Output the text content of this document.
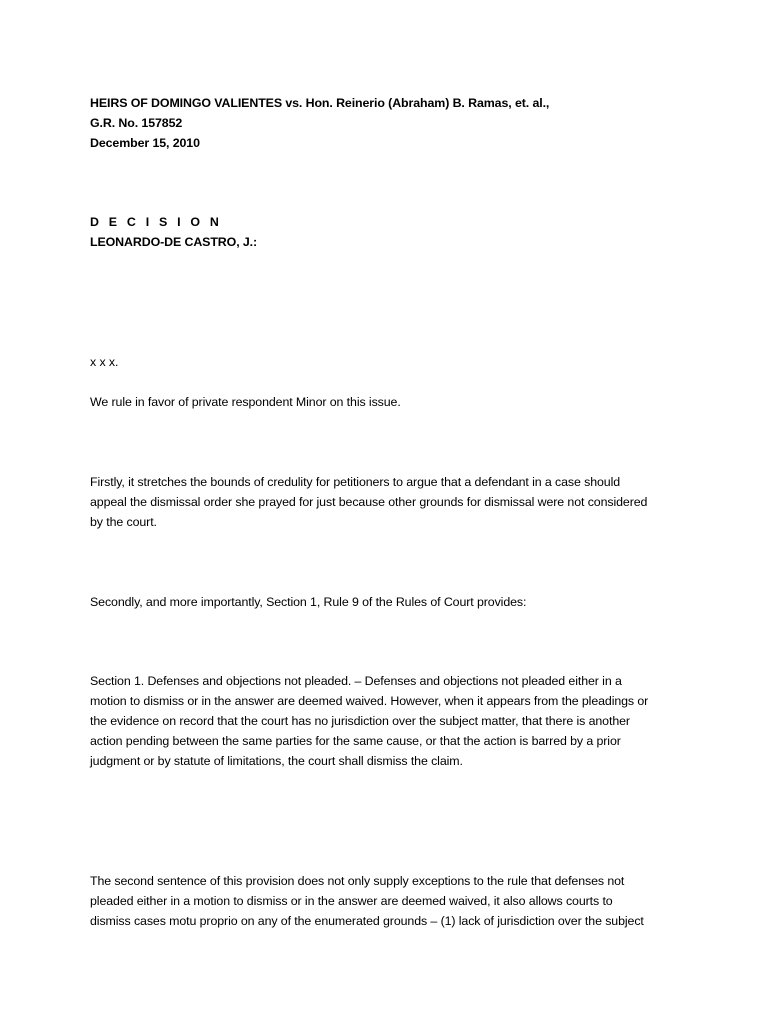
HEIRS OF DOMINGO VALIENTES vs. Hon. Reinerio (Abraham) B. Ramas, et. al.,
G.R. No. 157852
December 15, 2010
D E C I S I O N
LEONARDO-DE CASTRO, J.:
x x x.
We rule in favor of private respondent Minor on this issue.
Firstly, it stretches the bounds of credulity for petitioners to argue that a defendant in a case should
appeal the dismissal order she prayed for just because other grounds for dismissal were not considered
by the court.
Secondly, and more importantly, Section 1, Rule 9 of the Rules of Court provides:
Section 1. Defenses and objections not pleaded. – Defenses and objections not pleaded either in a
motion to dismiss or in the answer are deemed waived. However, when it appears from the pleadings or
the evidence on record that the court has no jurisdiction over the subject matter, that there is another
action pending between the same parties for the same cause, or that the action is barred by a prior
judgment or by statute of limitations, the court shall dismiss the claim.
The second sentence of this provision does not only supply exceptions to the rule that defenses not
pleaded either in a motion to dismiss or in the answer are deemed waived, it also allows courts to
dismiss cases motu proprio on any of the enumerated grounds – (1) lack of jurisdiction over the subject
